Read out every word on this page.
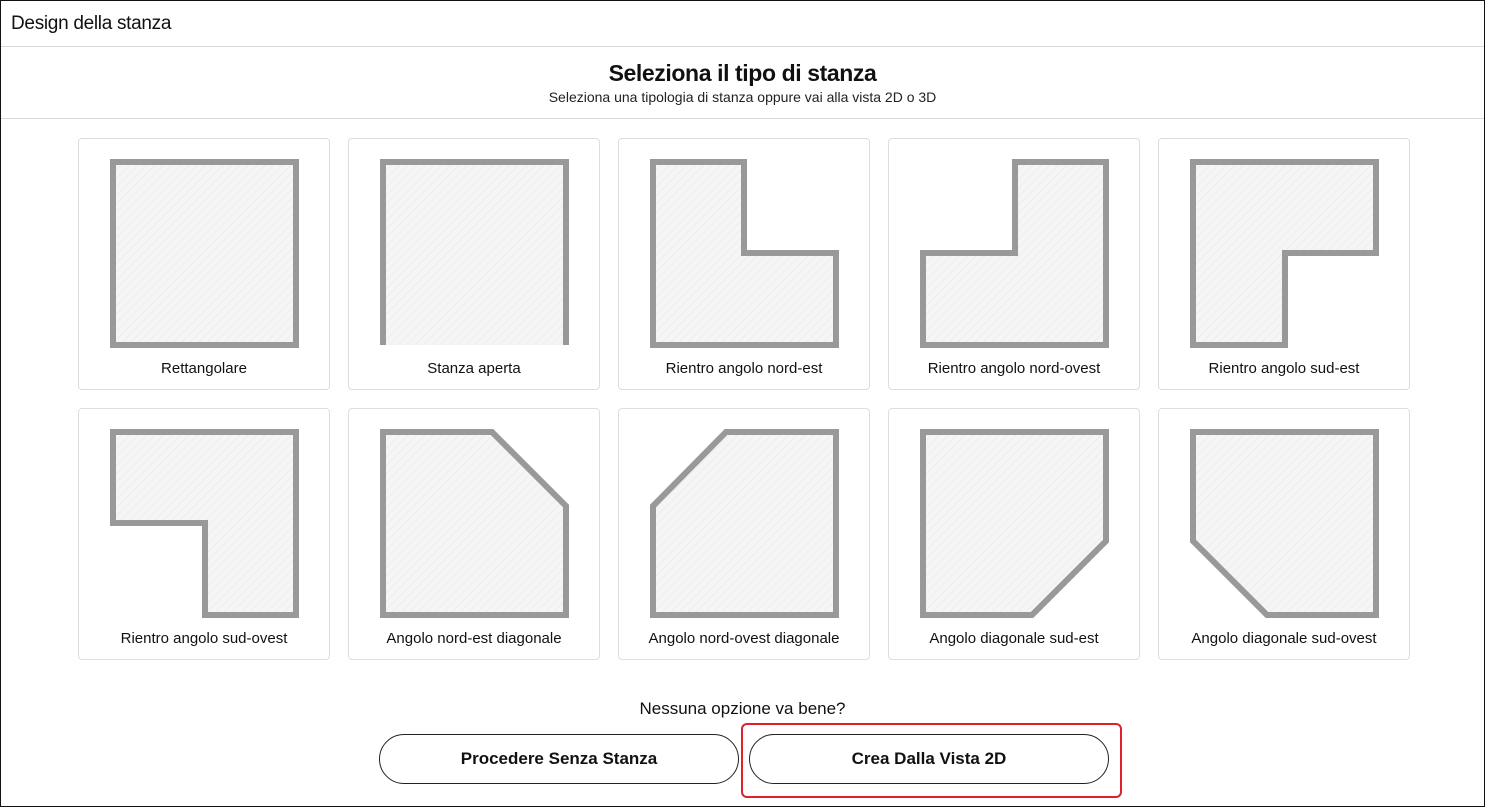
Design della stanza
Seleziona il tipo di stanza
Seleziona una tipologia di stanza oppure vai alla vista 2D o 3D
Rettangolare	Stanza aperta	Rientro angolo nord-est	Rientro angolo nord-ovest	Rientro angolo sud-est
Rientro angolo sud-ovest	Angolo nord-est diagonale	Angolo nord-ovest diagonale	Angolo diagonale sud-est	Angolo diagonale sud-ovest
Nessuna opzione va bene?
Procedere Senza Stanza	Crea Dalla Vista 2D
